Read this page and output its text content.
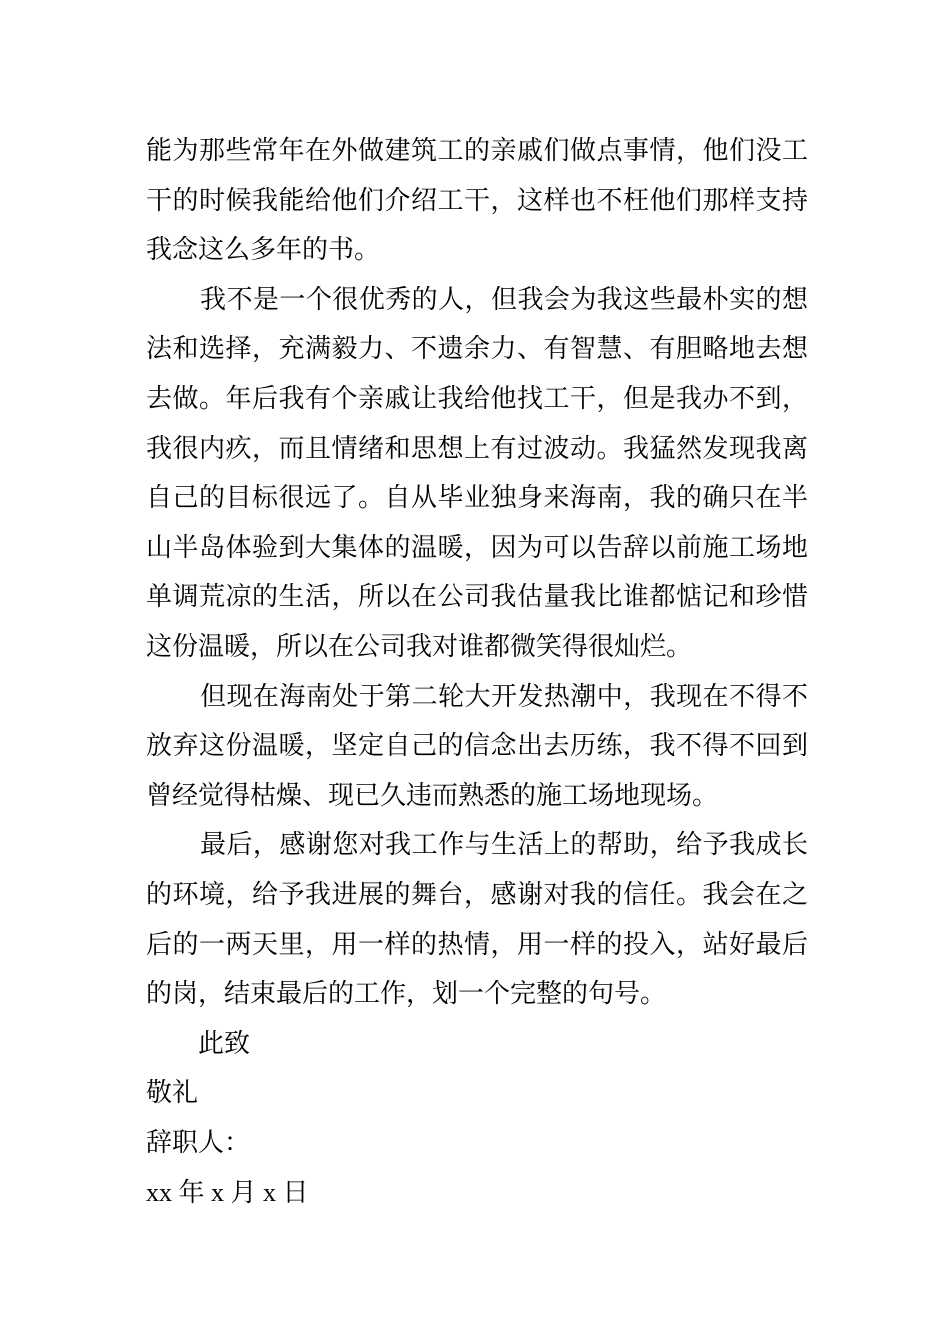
能为那些常年在外做建筑工的亲戚们做点事情，他们没工干的时候我能给他们介绍工干，这样也不枉他们那样支持我念这么多年的书。

我不是一个很优秀的人，但我会为我这些最朴实的想法和选择，充满毅力、不遗余力、有智慧、有胆略地去想去做。年后我有个亲戚让我给他找工干，但是我办不到，我很内疚，而且情绪和思想上有过波动。我猛然发现我离自己的目标很远了。自从毕业独身来海南，我的确只在半山半岛体验到大集体的温暖，因为可以告辞以前施工场地单调荒凉的生活，所以在公司我估量我比谁都惦记和珍惜这份温暖，所以在公司我对谁都微笑得很灿烂。

但现在海南处于第二轮大开发热潮中，我现在不得不放弃这份温暖，坚定自己的信念出去历练，我不得不回到曾经觉得枯燥、现已久违而熟悉的施工场地现场。

最后，感谢您对我工作与生活上的帮助，给予我成长的环境，给予我进展的舞台，感谢对我的信任。我会在之后的一两天里，用一样的热情，用一样的投入，站好最后的岗，结束最后的工作，划一个完整的句号。

此致

敬礼

辞职人：

xx 年 x 月 x 日
